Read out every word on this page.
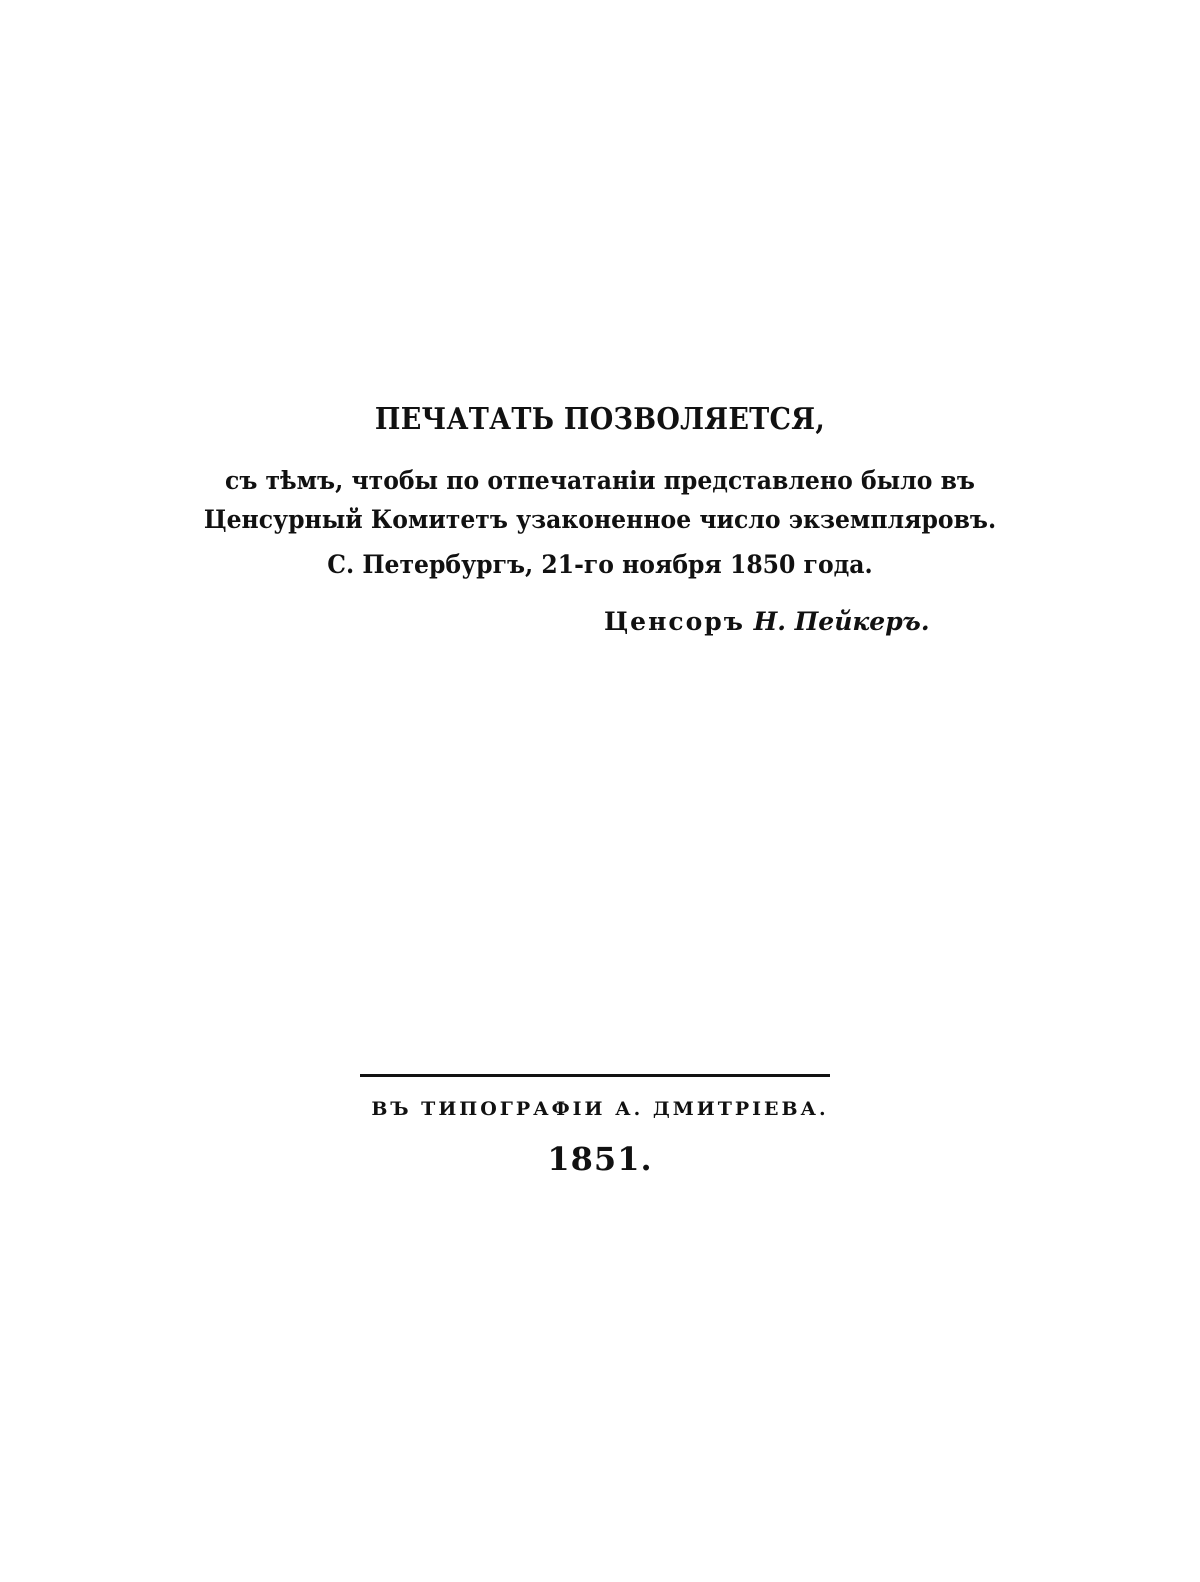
ПЕЧАТАТЬ ПОЗВОЛЯЕТСЯ,
съ тѣмъ, чтобы по отпечатанiи представлено было въ
Ценсурный Комитетъ узаконенное число экземпляровъ.
С. Петербургъ, 21-го ноября 1850 года.
Ценсоръ Н. Пейкеръ.
ВЪ ТИПОГРАФIИ А. ДМИТРIЕВА.
1851.
